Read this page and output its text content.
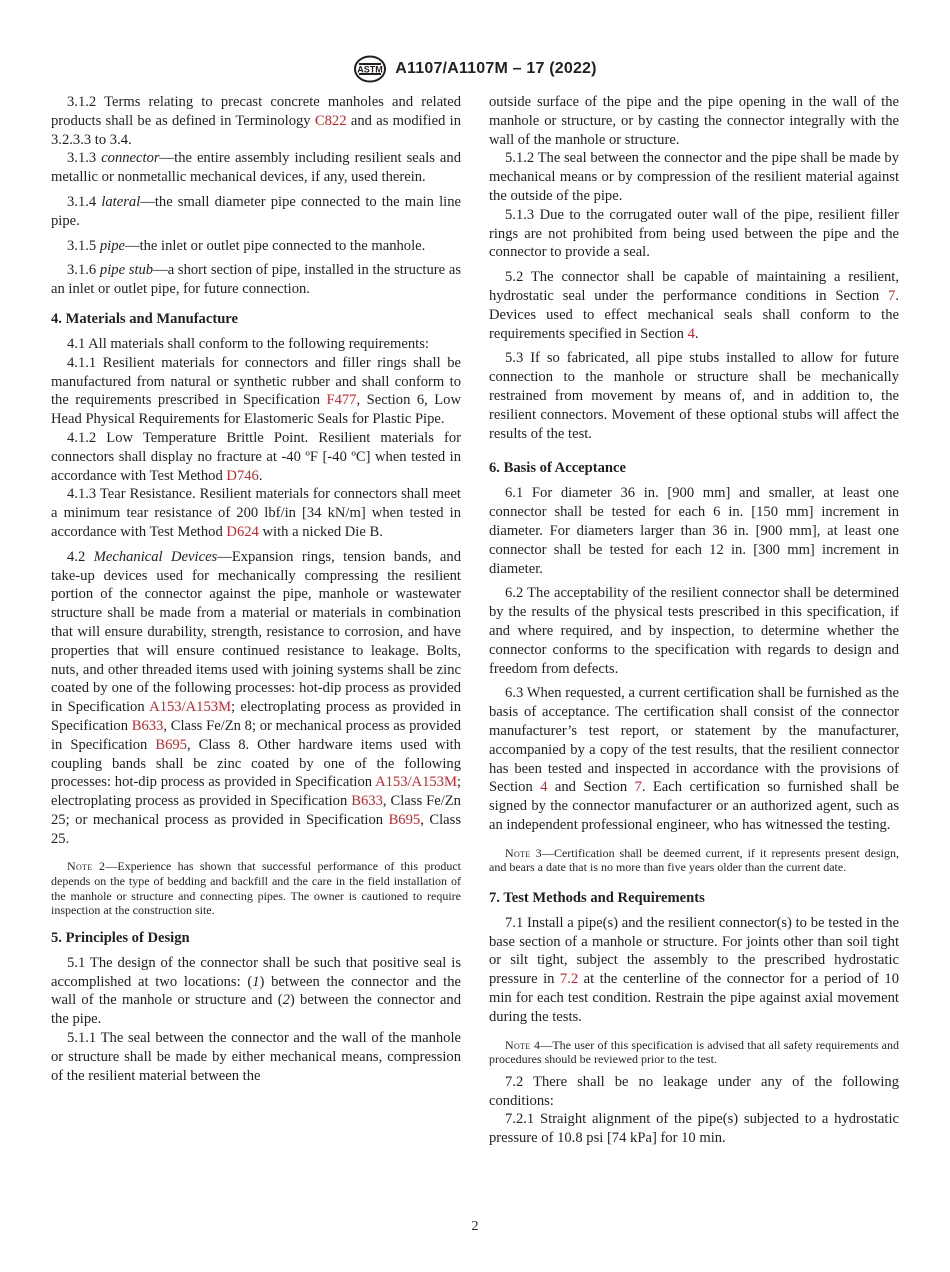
ASTM A1107/A1107M – 17 (2022)

3.1.2 Terms relating to precast concrete manholes and related products shall be as defined in Terminology C822 and as modified in 3.2.3.3 to 3.4.

3.1.3 connector—the entire assembly including resilient seals and metallic or nonmetallic mechanical devices, if any, used therein.

3.1.4 lateral—the small diameter pipe connected to the main line pipe.

3.1.5 pipe—the inlet or outlet pipe connected to the manhole.

3.1.6 pipe stub—a short section of pipe, installed in the structure as an inlet or outlet pipe, for future connection.

4. Materials and Manufacture

4.1 All materials shall conform to the following requirements:

4.1.1 Resilient materials for connectors and filler rings shall be manufactured from natural or synthetic rubber and shall conform to the requirements prescribed in Specification F477, Section 6, Low Head Physical Requirements for Elastomeric Seals for Plastic Pipe.

4.1.2 Low Temperature Brittle Point. Resilient materials for connectors shall display no fracture at -40 ºF [-40 ºC] when tested in accordance with Test Method D746.

4.1.3 Tear Resistance. Resilient materials for connectors shall meet a minimum tear resistance of 200 lbf/in [34 kN/m] when tested in accordance with Test Method D624 with a nicked Die B.

4.2 Mechanical Devices—Expansion rings, tension bands, and take-up devices used for mechanically compressing the resilient portion of the connector against the pipe, manhole or wastewater structure shall be made from a material or materials in combination that will ensure durability, strength, resistance to corrosion, and have properties that will ensure continued resistance to leakage. Bolts, nuts, and other threaded items used with joining systems shall be zinc coated by one of the following processes: hot-dip process as provided in Specification A153/A153M; electroplating process as provided in Specification B633, Class Fe/Zn 8; or mechanical process as provided in Specification B695, Class 8. Other hardware items used with coupling bands shall be zinc coated by one of the following processes: hot-dip process as provided in Specification A153/A153M; electroplating process as provided in Specification B633, Class Fe/Zn 25; or mechanical process as provided in Specification B695, Class 25.

Note 2—Experience has shown that successful performance of this product depends on the type of bedding and backfill and the care in the field installation of the manhole or structure and connecting pipes. The owner is cautioned to require inspection at the construction site.
5. Principles of Design

5.1 The design of the connector shall be such that positive seal is accomplished at two locations: (1) between the connector and the wall of the manhole or structure and (2) between the connector and the pipe.

5.1.1 The seal between the connector and the wall of the manhole or structure shall be made by either mechanical means, compression of the resilient material between the

outside surface of the pipe and the pipe opening in the wall of the manhole or structure, or by casting the connector integrally with the wall of the manhole or structure.

5.1.2 The seal between the connector and the pipe shall be made by mechanical means or by compression of the resilient material against the outside of the pipe.

5.1.3 Due to the corrugated outer wall of the pipe, resilient filler rings are not prohibited from being used between the pipe and the connector to provide a seal.

5.2 The connector shall be capable of maintaining a resilient, hydrostatic seal under the performance conditions in Section 7. Devices used to effect mechanical seals shall conform to the requirements specified in Section 4.

5.3 If so fabricated, all pipe stubs installed to allow for future connection to the manhole or structure shall be mechanically restrained from movement by means of, and in addition to, the resilient connectors. Movement of these optional stubs will affect the results of the test.

6. Basis of Acceptance

6.1 For diameter 36 in. [900 mm] and smaller, at least one connector shall be tested for each 6 in. [150 mm] increment in diameter. For diameters larger than 36 in. [900 mm], at least one connector shall be tested for each 12 in. [300 mm] increment in diameter.

6.2 The acceptability of the resilient connector shall be determined by the results of the physical tests prescribed in this specification, if and where required, and by inspection, to determine whether the connector conforms to the specification with regards to design and freedom from defects.

6.3 When requested, a current certification shall be furnished as the basis of acceptance. The certification shall consist of the connector manufacturer’s test report, or statement by the manufacturer, accompanied by a copy of the test results, that the resilient connector has been tested and inspected in accordance with the provisions of Section 4 and Section 7. Each certification so furnished shall be signed by the connector manufacturer or an authorized agent, such as an independent professional engineer, who has witnessed the testing.

Note 3—Certification shall be deemed current, if it represents present design, and bears a date that is no more than five years older than the current date.
7. Test Methods and Requirements

7.1 Install a pipe(s) and the resilient connector(s) to be tested in the base section of a manhole or structure. For joints other than soil tight or silt tight, subject the assembly to the prescribed hydrostatic pressure in 7.2 at the centerline of the connector for a period of 10 min for each test condition. Restrain the pipe against axial movement during the tests.

Note 4—The user of this specification is advised that all safety requirements and procedures should be reviewed prior to the test.

7.2 There shall be no leakage under any of the following conditions:

7.2.1 Straight alignment of the pipe(s) subjected to a hydrostatic pressure of 10.8 psi [74 kPa] for 10 min.

2
